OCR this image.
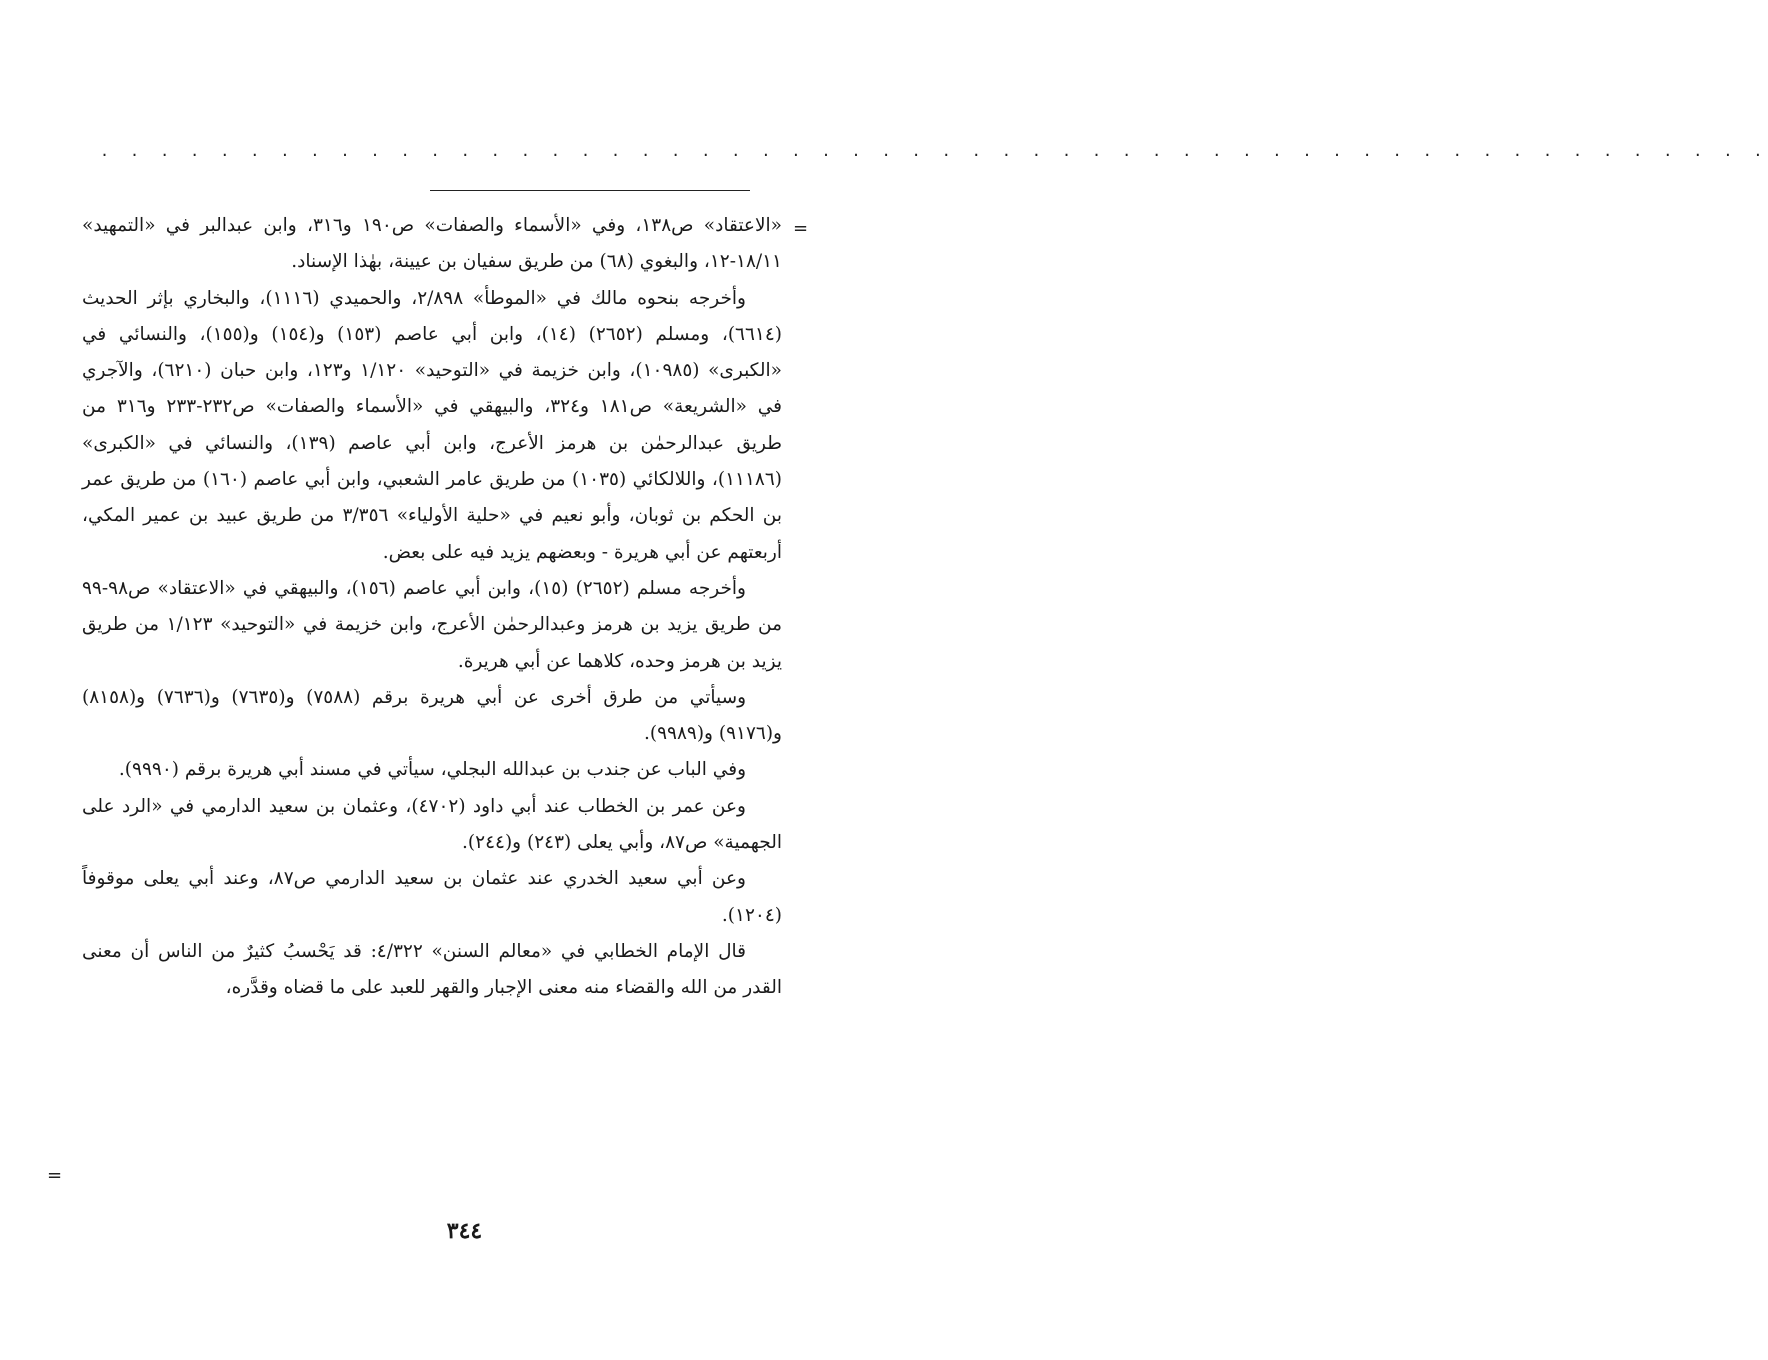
. . . . . . . . . . . . . . . . . . . . . . . . . . . . . . . . . . . . . . . . . . . . . . . . . . . . . . . .
=

«الاعتقاد» ص١٣٨، وفي «الأسماء والصفات» ص١٩٠ و٣١٦، وابن عبدالبر في «التمهيد» ١٨/١١-١٢، والبغوي (٦٨) من طريق سفيان بن عيينة، بهٰذا الإسناد.

وأخرجه بنحوه مالك في «الموطأ» ٢/٨٩٨، والحميدي (١١١٦)، والبخاري بإثر الحديث (٦٦١٤)، ومسلم (٢٦٥٢) (١٤)، وابن أبي عاصم (١٥٣) و(١٥٤) و(١٥٥)، والنسائي في «الكبرى» (١٠٩٨٥)، وابن خزيمة في «التوحيد» ١/١٢٠ و١٢٣، وابن حبان (٦٢١٠)، والآجري في «الشريعة» ص١٨١ و٣٢٤، والبيهقي في «الأسماء والصفات» ص٢٣٢-٢٣٣ و٣١٦ من طريق عبدالرحمٰن بن هرمز الأعرج، وابن أبي عاصم (١٣٩)، والنسائي في «الكبرى» (١١١٨٦)، واللالكائي (١٠٣٥) من طريق عامر الشعبي، وابن أبي عاصم (١٦٠) من طريق عمر بن الحكم بن ثوبان، وأبو نعيم في «حلية الأولياء» ٣/٣٥٦ من طريق عبيد بن عمير المكي، أربعتهم عن أبي هريرة - وبعضهم يزيد فيه على بعض.

وأخرجه مسلم (٢٦٥٢) (١٥)، وابن أبي عاصم (١٥٦)، والبيهقي في «الاعتقاد» ص٩٨-٩٩ من طريق يزيد بن هرمز وعبدالرحمٰن الأعرج، وابن خزيمة في «التوحيد» ١/١٢٣ من طريق يزيد بن هرمز وحده، كلاهما عن أبي هريرة.

وسيأتي من طرق أخرى عن أبي هريرة برقم (٧٥٨٨) و(٧٦٣٥) و(٧٦٣٦) و(٨١٥٨) و(٩١٧٦) و(٩٩٨٩).

وفي الباب عن جندب بن عبدالله البجلي، سيأتي في مسند أبي هريرة برقم (٩٩٩٠).

وعن عمر بن الخطاب عند أبي داود (٤٧٠٢)، وعثمان بن سعيد الدارمي في «الرد على الجهمية» ص٨٧، وأبي يعلى (٢٤٣) و(٢٤٤).

وعن أبي سعيد الخدري عند عثمان بن سعيد الدارمي ص٨٧، وعند أبي يعلى موقوفاً (١٢٠٤).

قال الإمام الخطابي في «معالم السنن» ٤/٣٢٢: قد يَحْسبُ كثيرٌ من الناس أن معنى القدر من الله والقضاء منه معنى الإجبار والقهر للعبد على ما قضاه وقدَّره،

=
٣٤٤
